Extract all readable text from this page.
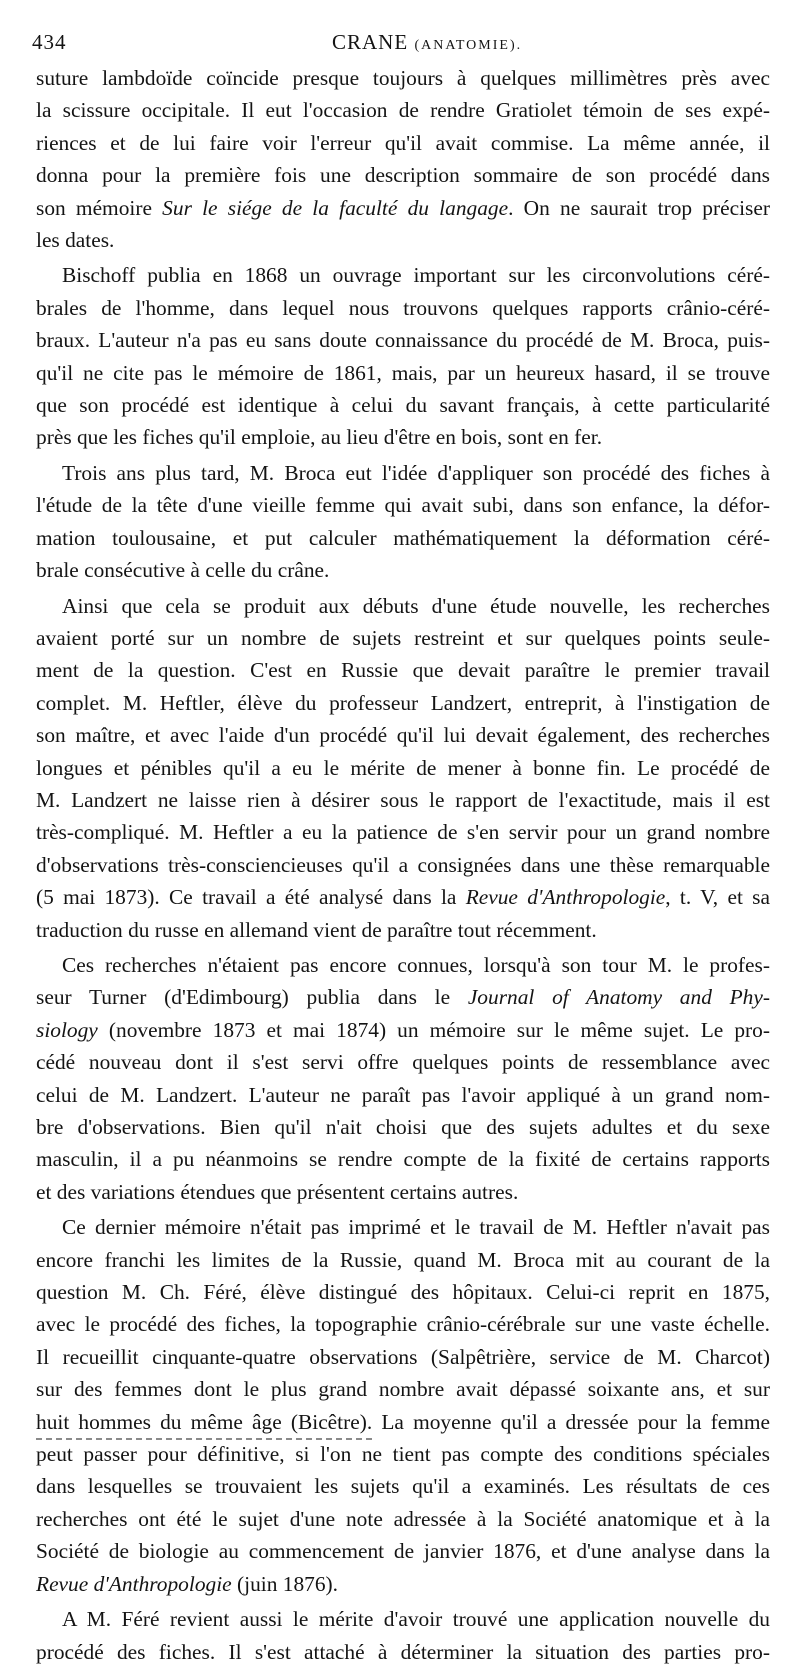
434	CRANE (ANATOMIE).

suture lambdoïde coïncide presque toujours à quelques millimètres près avec

la scissure occipitale. Il eut l'occasion de rendre Gratiolet témoin de ses expé-

riences et de lui faire voir l'erreur qu'il avait commise. La même année, il

donna pour la première fois une description sommaire de son procédé dans

son mémoire Sur le siége de la faculté du langage. On ne saurait trop préciser

les dates.

Bischoff publia en 1868 un ouvrage important sur les circonvolutions céré-

brales de l'homme, dans lequel nous trouvons quelques rapports crânio-céré-

braux. L'auteur n'a pas eu sans doute connaissance du procédé de M. Broca, puis-

qu'il ne cite pas le mémoire de 1861, mais, par un heureux hasard, il se trouve

que son procédé est identique à celui du savant français, à cette particularité

près que les fiches qu'il emploie, au lieu d'être en bois, sont en fer.

Trois ans plus tard, M. Broca eut l'idée d'appliquer son procédé des fiches à

l'étude de la tête d'une vieille femme qui avait subi, dans son enfance, la défor-

mation toulousaine, et put calculer mathématiquement la déformation céré-

brale consécutive à celle du crâne.

Ainsi que cela se produit aux débuts d'une étude nouvelle, les recherches

avaient porté sur un nombre de sujets restreint et sur quelques points seule-

ment de la question. C'est en Russie que devait paraître le premier travail

complet. M. Heftler, élève du professeur Landzert, entreprit, à l'instigation de

son maître, et avec l'aide d'un procédé qu'il lui devait également, des recherches

longues et pénibles qu'il a eu le mérite de mener à bonne fin. Le procédé de

M. Landzert ne laisse rien à désirer sous le rapport de l'exactitude, mais il est

très-compliqué. M. Heftler a eu la patience de s'en servir pour un grand nombre

d'observations très-consciencieuses qu'il a consignées dans une thèse remarquable

(5 mai 1873). Ce travail a été analysé dans la Revue d'Anthropologie, t. V, et sa

traduction du russe en allemand vient de paraître tout récemment.

Ces recherches n'étaient pas encore connues, lorsqu'à son tour M. le profes-

seur Turner (d'Edimbourg) publia dans le Journal of Anatomy and Phy-

siology (novembre 1873 et mai 1874) un mémoire sur le même sujet. Le pro-

cédé nouveau dont il s'est servi offre quelques points de ressemblance avec

celui de M. Landzert. L'auteur ne paraît pas l'avoir appliqué à un grand nom-

bre d'observations. Bien qu'il n'ait choisi que des sujets adultes et du sexe

masculin, il a pu néanmoins se rendre compte de la fixité de certains rapports

et des variations étendues que présentent certains autres.

Ce dernier mémoire n'était pas imprimé et le travail de M. Heftler n'avait pas

encore franchi les limites de la Russie, quand M. Broca mit au courant de la

question M. Ch. Féré, élève distingué des hôpitaux. Celui-ci reprit en 1875,

avec le procédé des fiches, la topographie crânio-cérébrale sur une vaste échelle.

Il recueillit cinquante-quatre observations (Salpêtrière, service de M. Charcot)

sur des femmes dont le plus grand nombre avait dépassé soixante ans, et sur

huit hommes du même âge (Bicêtre). La moyenne qu'il a dressée pour la femme

peut passer pour définitive, si l'on ne tient pas compte des conditions spéciales

dans lesquelles se trouvaient les sujets qu'il a examinés. Les résultats de ces

recherches ont été le sujet d'une note adressée à la Société anatomique et à la

Société de biologie au commencement de janvier 1876, et d'une analyse dans la

Revue d'Anthropologie (juin 1876).

A M. Féré revient aussi le mérite d'avoir trouvé une application nouvelle du

procédé des fiches. Il s'est attaché à déterminer la situation des parties pro-
